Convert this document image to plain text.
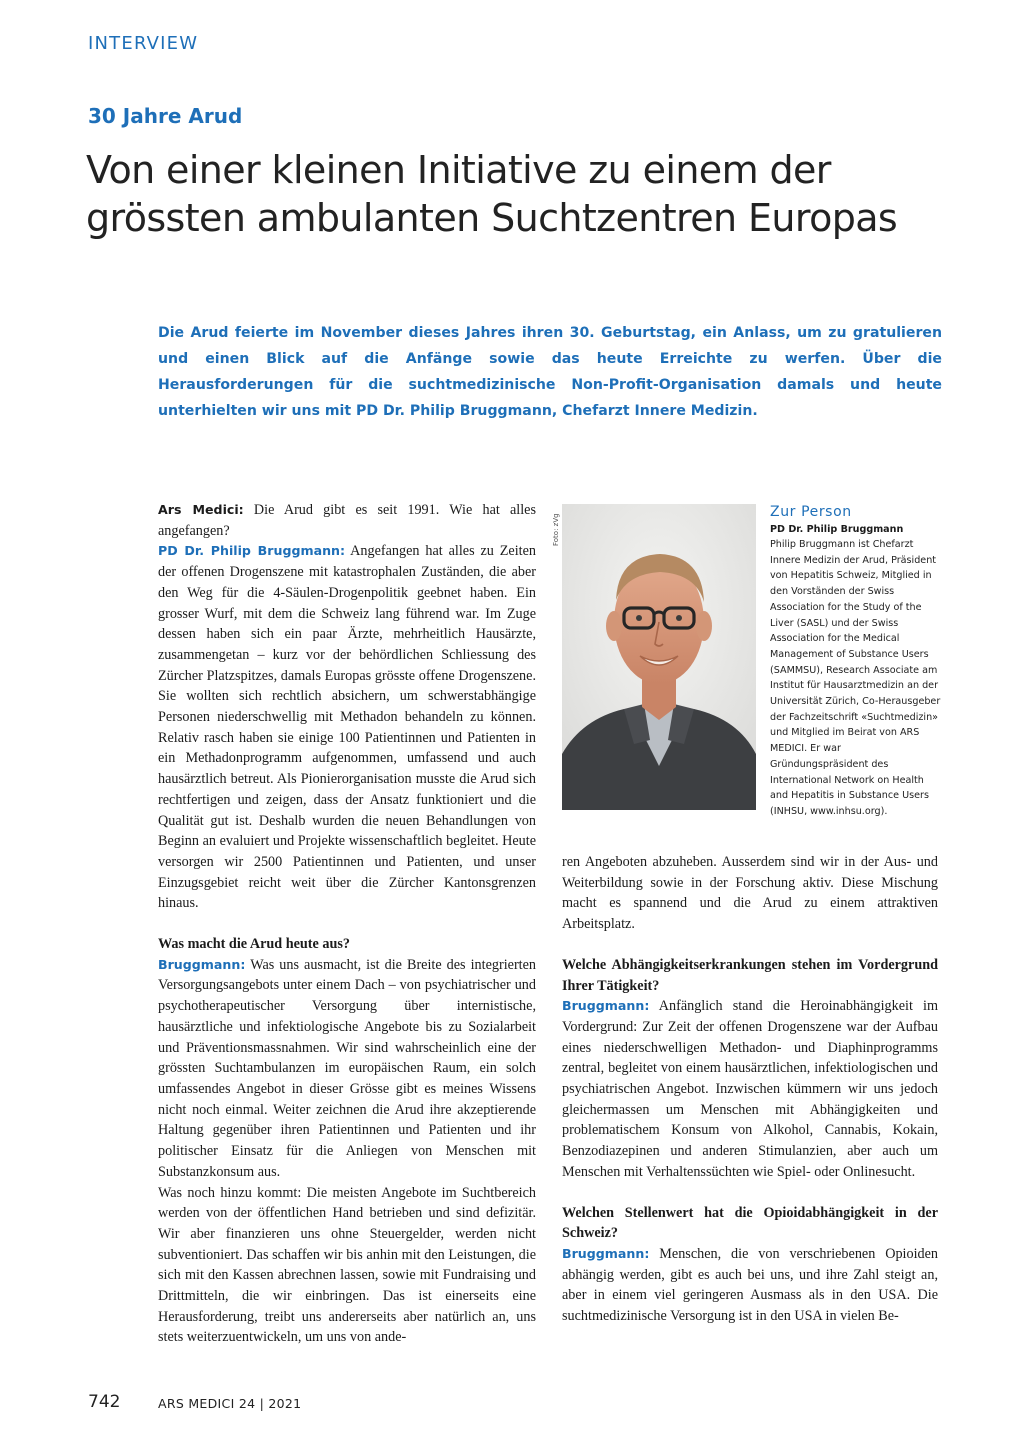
INTERVIEW
30 Jahre Arud
Von einer kleinen Initiative zu einem der grössten ambulanten Suchtzentren Europas

Die Arud feierte im November dieses Jahres ihren 30. Geburtstag, ein Anlass, um zu gratulieren und einen Blick auf die Anfänge sowie das heute Erreichte zu werfen. Über die Herausforderungen für die suchtmedizinische Non-Profit-Organisation damals und heute unterhielten wir uns mit PD Dr. Philip Bruggmann, Chefarzt Innere Medizin.

Ars Medici: Die Arud gibt es seit 1991. Wie hat alles angefangen?

PD Dr. Philip Bruggmann: Angefangen hat alles zu Zeiten der offenen Drogenszene mit katastrophalen Zuständen, die aber den Weg für die 4-Säulen-Drogenpolitik geebnet haben. Ein grosser Wurf, mit dem die Schweiz lang führend war. Im Zuge dessen haben sich ein paar Ärzte, mehrheitlich Hausärzte, zusammengetan – kurz vor der behördlichen Schliessung des Zürcher Platzspitzes, damals Europas grösste offene Drogenszene. Sie wollten sich rechtlich absichern, um schwerstabhängige Personen niederschwellig mit Methadon behandeln zu können. Relativ rasch haben sie einige 100 Patientinnen und Patienten in ein Methadonprogramm aufgenommen, umfassend und auch hausärztlich betreut. Als Pionierorganisation musste die Arud sich rechtfertigen und zeigen, dass der Ansatz funktioniert und die Qualität gut ist. Deshalb wurden die neuen Behandlungen von Beginn an evaluiert und Projekte wissenschaftlich begleitet. Heute versorgen wir 2500 Patientinnen und Patienten, und unser Einzugsgebiet reicht weit über die Zürcher Kantonsgrenzen hinaus.

Was macht die Arud heute aus?

Bruggmann: Was uns ausmacht, ist die Breite des integrierten Versorgungsangebots unter einem Dach – von psychiatrischer und psychotherapeutischer Versorgung über internistische, hausärztliche und infektiologische Angebote bis zu Sozialarbeit und Präventionsmassnahmen. Wir sind wahrscheinlich eine der grössten Suchtambulanzen im europäischen Raum, ein solch umfassendes Angebot in dieser Grösse gibt es meines Wissens nicht noch einmal. Weiter zeichnen die Arud ihre akzeptierende Haltung gegenüber ihren Patientinnen und Patienten und ihr politischer Einsatz für die Anliegen von Menschen mit Substanzkonsum aus.

Was noch hinzu kommt: Die meisten Angebote im Suchtbereich werden von der öffentlichen Hand betrieben und sind defizitär. Wir aber finanzieren uns ohne Steuergelder, werden nicht subventioniert. Das schaffen wir bis anhin mit den Leistungen, die sich mit den Kassen abrechnen lassen, sowie mit Fundraising und Drittmitteln, die wir einbringen. Das ist einerseits eine Herausforderung, treibt uns andererseits aber natürlich an, uns stets weiterzuentwickeln, um uns von ande-

Foto: zVg

Zur Person

PD Dr. Philip Bruggmann

Philip Bruggmann ist Chefarzt Innere Medizin der Arud, Präsident von Hepatitis Schweiz, Mitglied in den Vorständen der Swiss Association for the Study of the Liver (SASL) und der Swiss Association for the Medical Management of Substance Users (SAMMSU), Research Associate am Institut für Hausarztmedizin an der Universität Zürich, Co-Herausgeber der Fachzeitschrift «Suchtmedizin» und Mitglied im Beirat von ARS MEDICI. Er war Gründungspräsident des International Network on Health and Hepatitis in Substance Users (INHSU, www.inhsu.org).

ren Angeboten abzuheben. Ausserdem sind wir in der Aus- und Weiterbildung sowie in der Forschung aktiv. Diese Mischung macht es spannend und die Arud zu einem attraktiven Arbeitsplatz.

Welche Abhängigkeitserkrankungen stehen im Vordergrund Ihrer Tätigkeit?

Bruggmann: Anfänglich stand die Heroinabhängigkeit im Vordergrund: Zur Zeit der offenen Drogenszene war der Aufbau eines niederschwelligen Methadon- und Diaphinprogramms zentral, begleitet von einem hausärztlichen, infektiologischen und psychiatrischen Angebot. Inzwischen kümmern wir uns jedoch gleichermassen um Menschen mit Abhängigkeiten und problematischem Konsum von Alkohol, Cannabis, Kokain, Benzodiazepinen und anderen Stimulanzien, aber auch um Menschen mit Verhaltenssüchten wie Spiel- oder Onlinesucht.

Welchen Stellenwert hat die Opioidabhängigkeit in der Schweiz?

Bruggmann: Menschen, die von verschriebenen Opioiden abhängig werden, gibt es auch bei uns, und ihre Zahl steigt an, aber in einem viel geringeren Ausmass als in den USA. Die suchtmedizinische Versorgung ist in den USA in vielen Be-

742	ARS MEDICI 24 | 2021
